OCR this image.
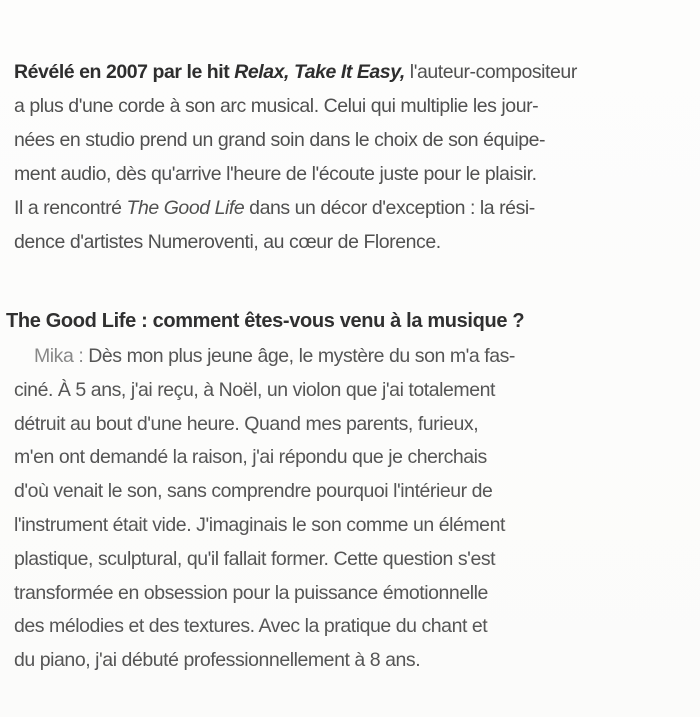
Révélé en 2007 par le hit Relax, Take It Easy, l'auteur-compositeur
a plus d'une corde à son arc musical. Celui qui multiplie les jour-
nées en studio prend un grand soin dans le choix de son équipe-
ment audio, dès qu'arrive l'heure de l'écoute juste pour le plaisir.
Il a rencontré The Good Life dans un décor d'exception : la rési-
dence d'artistes Numeroventi, au cœur de Florence.
The Good Life : comment êtes-vous venu à la musique ?
Mika : Dès mon plus jeune âge, le mystère du son m'a fas-
ciné. À 5 ans, j'ai reçu, à Noël, un violon que j'ai totalement
détruit au bout d'une heure. Quand mes parents, furieux,
m'en ont demandé la raison, j'ai répondu que je cherchais
d'où venait le son, sans comprendre pourquoi l'intérieur de
l'instrument était vide. J'imaginais le son comme un élément
plastique, sculptural, qu'il fallait former. Cette question s'est
transformée en obsession pour la puissance émotionnelle
des mélodies et des textures. Avec la pratique du chant et
du piano, j'ai débuté professionnellement à 8 ans.
